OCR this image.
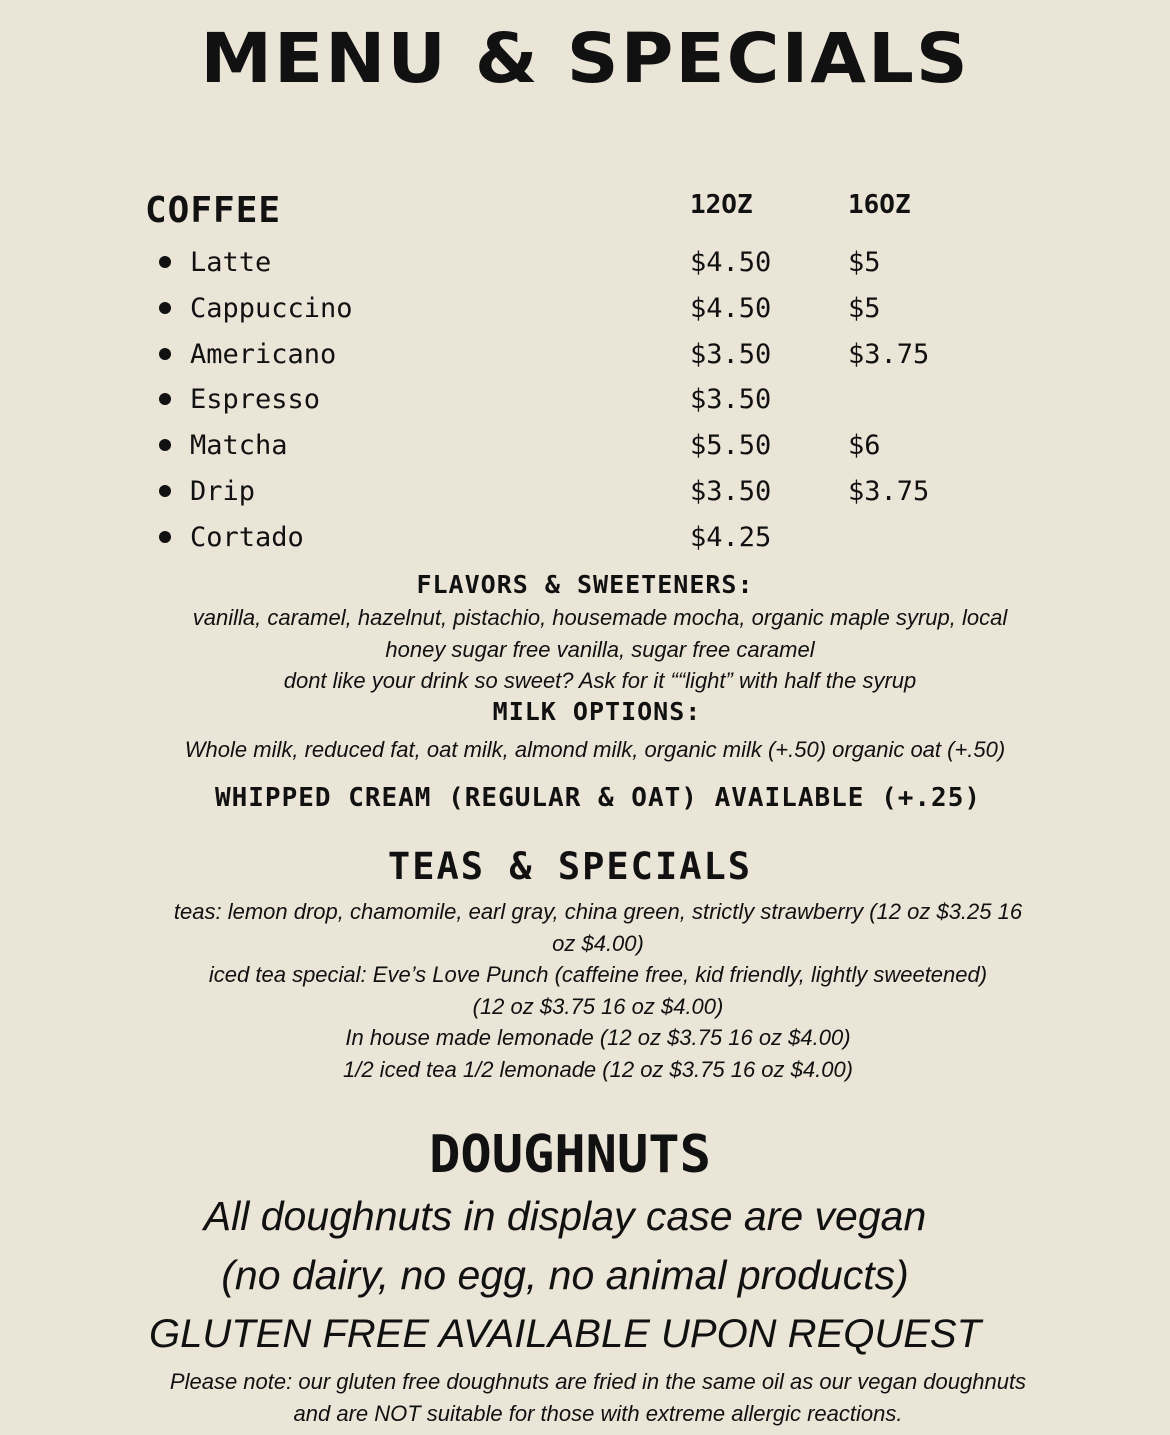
MENU & SPECIALS
COFFEE	12OZ	16OZ
Latte	$4.50	$5
Cappuccino	$4.50	$5
Americano	$3.50	$3.75
Espresso	$3.50
Matcha	$5.50	$6
Drip	$3.50	$3.75
Cortado	$4.25
FLAVORS & SWEETENERS:
vanilla, caramel, hazelnut, pistachio, housemade mocha, organic maple syrup, local
honey sugar free vanilla, sugar free caramel
dont like your drink so sweet? Ask for it ““light” with half the syrup
MILK OPTIONS:
Whole milk, reduced fat, oat milk, almond milk, organic milk (+.50) organic oat (+.50)
WHIPPED CREAM (REGULAR & OAT) AVAILABLE (+.25)
TEAS & SPECIALS
teas: lemon drop, chamomile, earl gray, china green, strictly strawberry (12 oz $3.25 16
oz $4.00)
iced tea special: Eve’s Love Punch (caffeine free, kid friendly, lightly sweetened)
(12 oz $3.75 16 oz $4.00)
In house made lemonade (12 oz $3.75 16 oz $4.00)
1/2 iced tea 1/2 lemonade (12 oz $3.75 16 oz $4.00)
DOUGHNUTS
All doughnuts in display case are vegan
(no dairy, no egg, no animal products)
GLUTEN FREE AVAILABLE UPON REQUEST
Please note: our gluten free doughnuts are fried in the same oil as our vegan doughnuts
and are NOT suitable for those with extreme allergic reactions.
